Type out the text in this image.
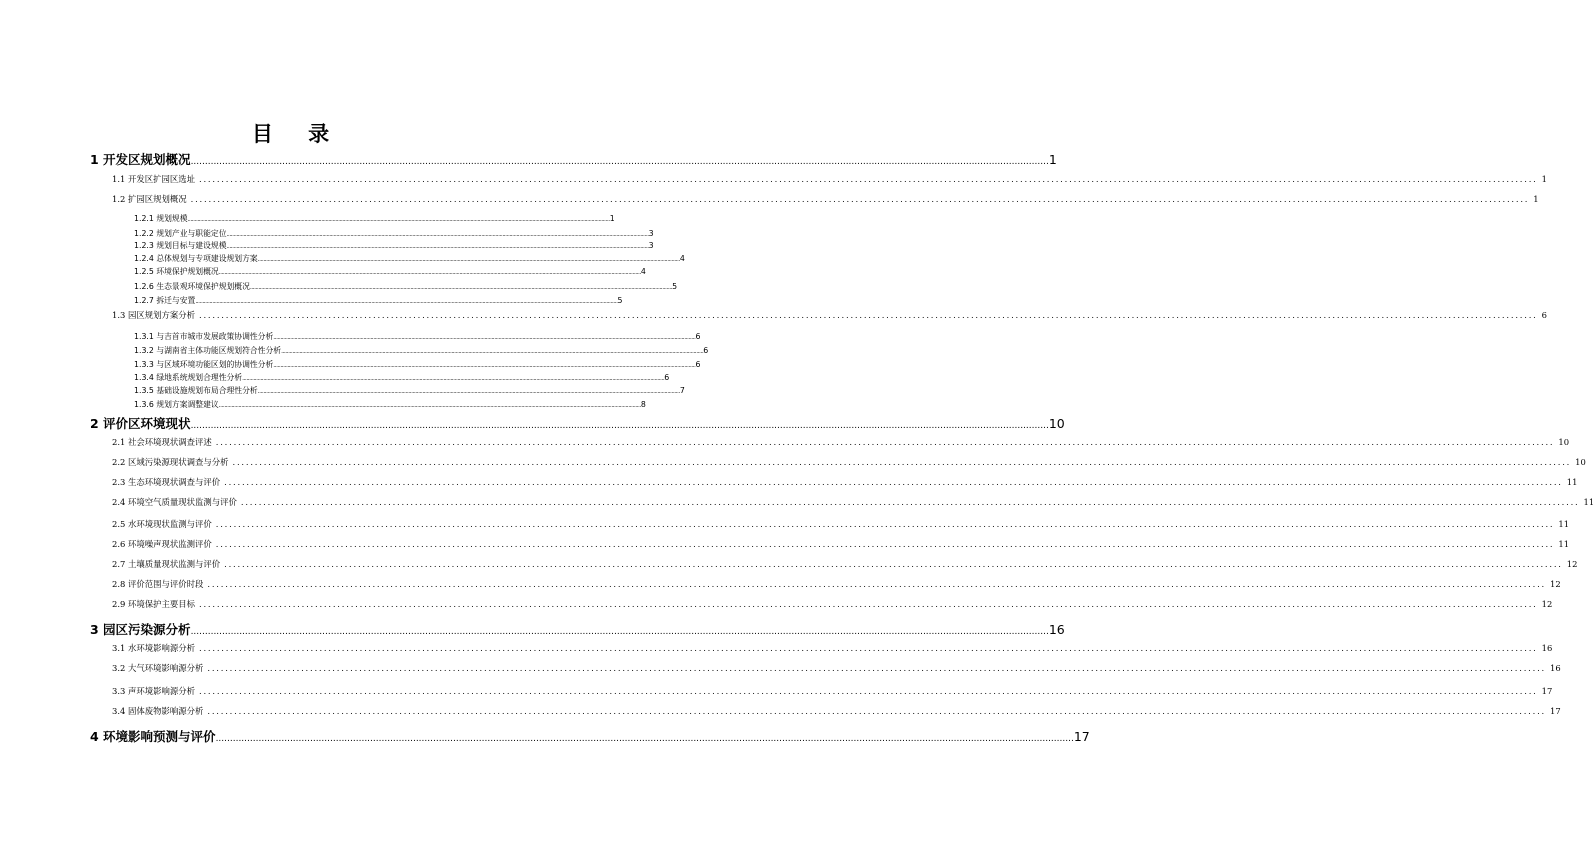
目 录
1 开发区规划概况 ............................................................................................................................................................................................................................................................................................................ 1
1.1 开发区扩园区选址 ............................................................................................................................................................................................................................................................................................................ 1
1.2 扩园区规划概况 ............................................................................................................................................................................................................................................................................................................ 1
1.2.1 规划规模 ............................................................................................................................................................................................................................................................................................................ 1
1.2.2 规划产业与职能定位 ............................................................................................................................................................................................................................................................................................................ 3
1.2.3 规划目标与建设规模 ............................................................................................................................................................................................................................................................................................................ 3
1.2.4 总体规划与专项建设规划方案 ............................................................................................................................................................................................................................................................................................................ 4
1.2.5 环境保护规划概况 ............................................................................................................................................................................................................................................................................................................ 4
1.2.6 生态景观环境保护规划概况 ............................................................................................................................................................................................................................................................................................................ 5
1.2.7 拆迁与安置 ............................................................................................................................................................................................................................................................................................................ 5
1.3 园区规划方案分析 ............................................................................................................................................................................................................................................................................................................ 6
1.3.1 与吉首市城市发展政策协调性分析 ............................................................................................................................................................................................................................................................................................................ 6
1.3.2 与湖南省主体功能区规划符合性分析 ............................................................................................................................................................................................................................................................................................................ 6
1.3.3 与区域环境功能区划的协调性分析 ............................................................................................................................................................................................................................................................................................................ 6
1.3.4 绿地系统规划合理性分析 ............................................................................................................................................................................................................................................................................................................ 6
1.3.5 基础设施规划布局合理性分析 ............................................................................................................................................................................................................................................................................................................ 7
1.3.6 规划方案调整建议 ............................................................................................................................................................................................................................................................................................................ 8
2 评价区环境现状 ............................................................................................................................................................................................................................................................................................................ 10
2.1 社会环境现状调查评述 ............................................................................................................................................................................................................................................................................................................ 10
2.2 区域污染源现状调查与分析 ............................................................................................................................................................................................................................................................................................................ 10
2.3 生态环境现状调查与评价 ............................................................................................................................................................................................................................................................................................................ 11
2.4 环境空气质量现状监测与评价 ............................................................................................................................................................................................................................................................................................................ 11
2.5 水环境现状监测与评价 ............................................................................................................................................................................................................................................................................................................ 11
2.6 环境噪声现状监测评价 ............................................................................................................................................................................................................................................................................................................ 11
2.7 土壤质量现状监测与评价 ............................................................................................................................................................................................................................................................................................................ 12
2.8 评价范围与评价时段 ............................................................................................................................................................................................................................................................................................................ 12
2.9 环境保护主要目标 ............................................................................................................................................................................................................................................................................................................ 12
3 园区污染源分析 ............................................................................................................................................................................................................................................................................................................ 16
3.1 水环境影响源分析 ............................................................................................................................................................................................................................................................................................................ 16
3.2 大气环境影响源分析 ............................................................................................................................................................................................................................................................................................................ 16
3.3 声环境影响源分析 ............................................................................................................................................................................................................................................................................................................ 17
3.4 固体废物影响源分析 ............................................................................................................................................................................................................................................................................................................ 17
4 环境影响预测与评价 ............................................................................................................................................................................................................................................................................................................ 17
